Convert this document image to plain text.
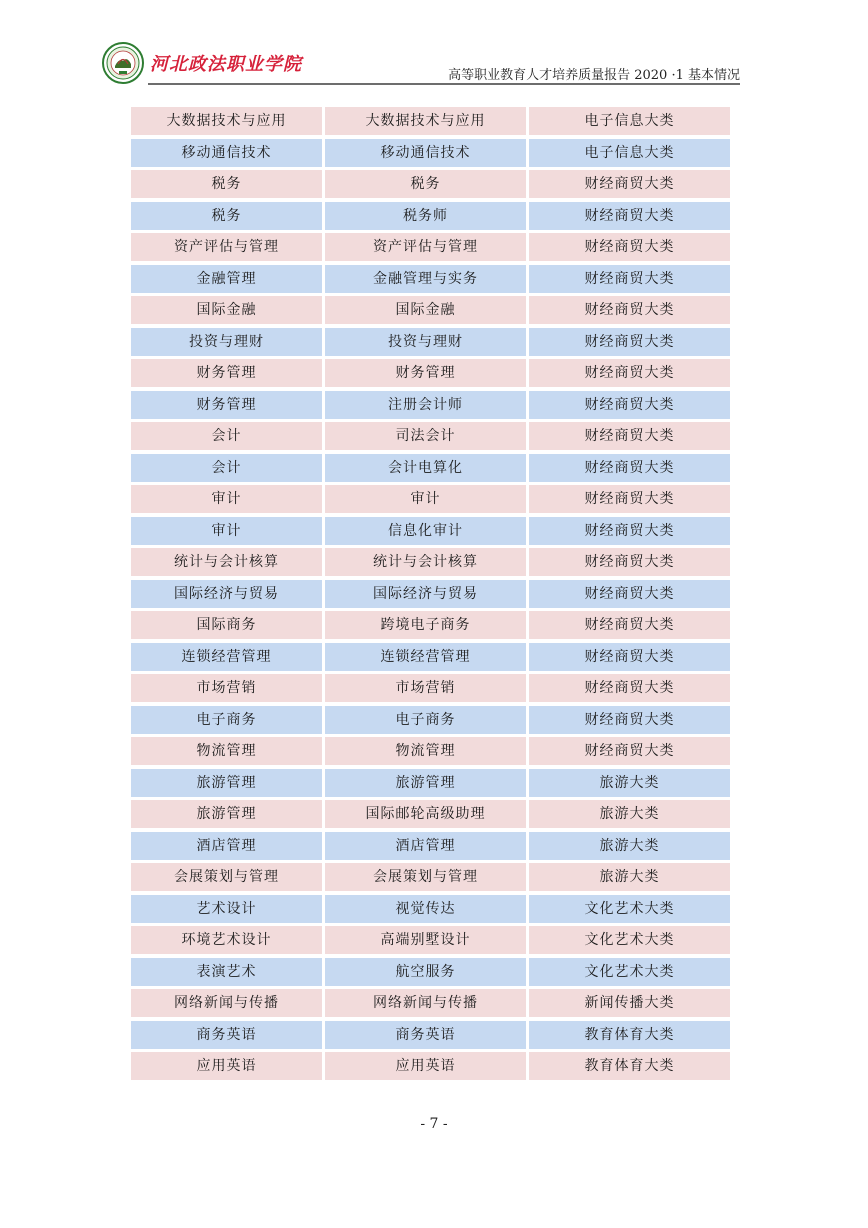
河北政法职业学院
高等职业教育人才培养质量报告 2020 ·1 基本情况
大数据技术与应用	大数据技术与应用	电子信息大类
移动通信技术	移动通信技术	电子信息大类
税务	税务	财经商贸大类
税务	税务师	财经商贸大类
资产评估与管理	资产评估与管理	财经商贸大类
金融管理	金融管理与实务	财经商贸大类
国际金融	国际金融	财经商贸大类
投资与理财	投资与理财	财经商贸大类
财务管理	财务管理	财经商贸大类
财务管理	注册会计师	财经商贸大类
会计	司法会计	财经商贸大类
会计	会计电算化	财经商贸大类
审计	审计	财经商贸大类
审计	信息化审计	财经商贸大类
统计与会计核算	统计与会计核算	财经商贸大类
国际经济与贸易	国际经济与贸易	财经商贸大类
国际商务	跨境电子商务	财经商贸大类
连锁经营管理	连锁经营管理	财经商贸大类
市场营销	市场营销	财经商贸大类
电子商务	电子商务	财经商贸大类
物流管理	物流管理	财经商贸大类
旅游管理	旅游管理	旅游大类
旅游管理	国际邮轮高级助理	旅游大类
酒店管理	酒店管理	旅游大类
会展策划与管理	会展策划与管理	旅游大类
艺术设计	视觉传达	文化艺术大类
环境艺术设计	高端别墅设计	文化艺术大类
表演艺术	航空服务	文化艺术大类
网络新闻与传播	网络新闻与传播	新闻传播大类
商务英语	商务英语	教育体育大类
应用英语	应用英语	教育体育大类
- 7 -
